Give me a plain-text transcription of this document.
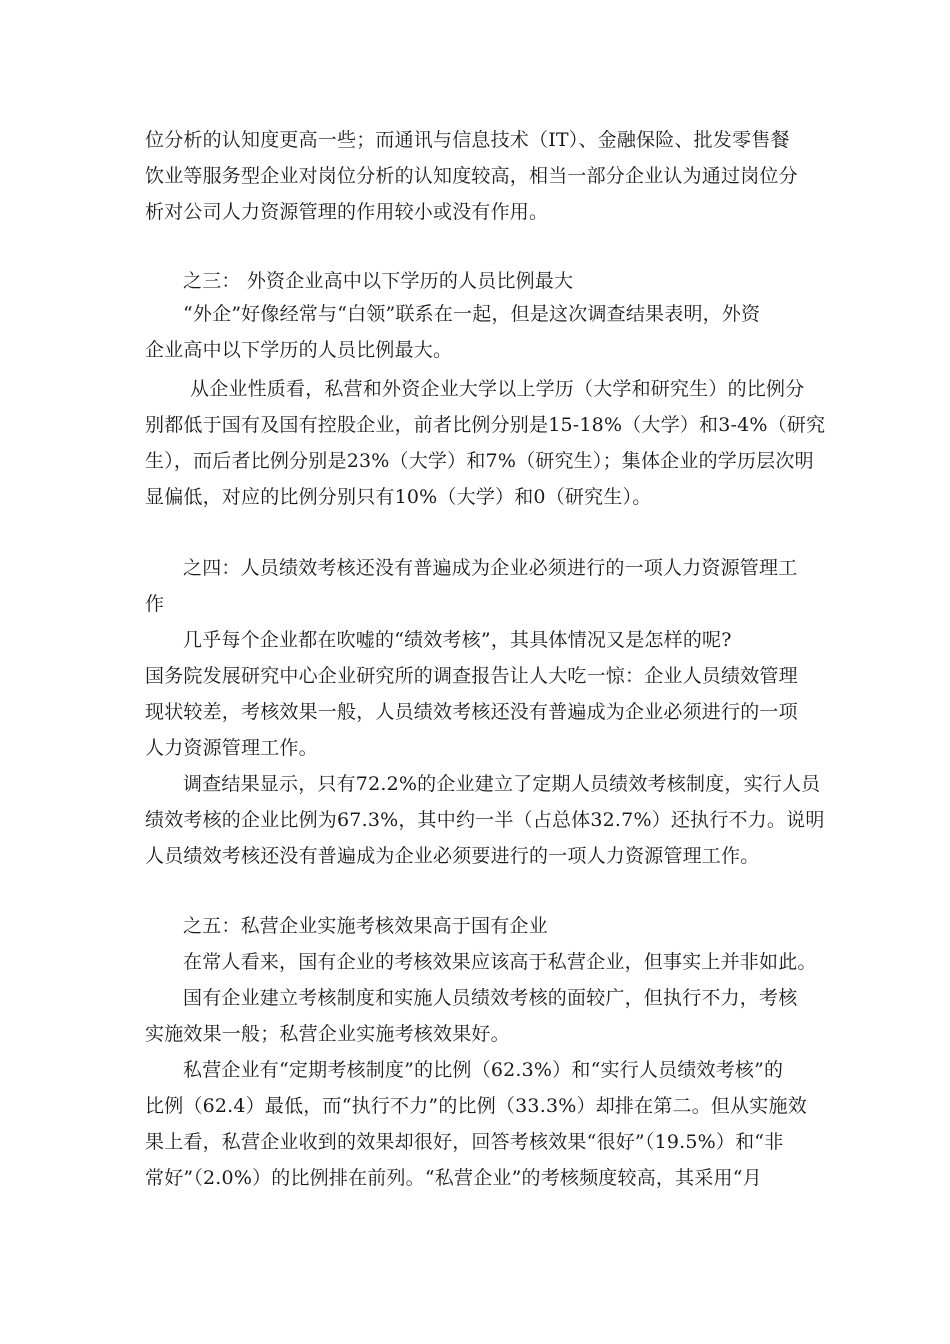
位分析的认知度更高一些；而通讯与信息技术（IT）、金融保险、批发零售餐
饮业等服务型企业对岗位分析的认知度较高，相当一部分企业认为通过岗位分
析对公司人力资源管理的作用较小或没有作用。
之三： 外资企业高中以下学历的人员比例最大
“外企”好像经常与“白领”联系在一起，但是这次调查结果表明，外资
企业高中以下学历的人员比例最大。
从企业性质看，私营和外资企业大学以上学历（大学和研究生）的比例分
别都低于国有及国有控股企业，前者比例分别是15-18%（大学）和3-4%（研究
生），而后者比例分别是23%（大学）和7%（研究生）；集体企业的学历层次明
显偏低，对应的比例分别只有10%（大学）和0（研究生）。
之四：人员绩效考核还没有普遍成为企业必须进行的一项人力资源管理工
作
几乎每个企业都在吹嘘的“绩效考核”，其具体情况又是怎样的呢?
国务院发展研究中心企业研究所的调查报告让人大吃一惊：企业人员绩效管理
现状较差，考核效果一般，人员绩效考核还没有普遍成为企业必须进行的一项
人力资源管理工作。
调查结果显示，只有72.2%的企业建立了定期人员绩效考核制度，实行人员
绩效考核的企业比例为67.3%，其中约一半（占总体32.7%）还执行不力。说明
人员绩效考核还没有普遍成为企业必须要进行的一项人力资源管理工作。
之五：私营企业实施考核效果高于国有企业
在常人看来，国有企业的考核效果应该高于私营企业，但事实上并非如此。
国有企业建立考核制度和实施人员绩效考核的面较广，但执行不力，考核
实施效果一般；私营企业实施考核效果好。
私营企业有“定期考核制度”的比例（62.3%）和“实行人员绩效考核”的
比例（62.4）最低，而“执行不力”的比例（33.3%）却排在第二。但从实施效
果上看，私营企业收到的效果却很好，回答考核效果“很好”（19.5%）和“非
常好”（2.0%）的比例排在前列。“私营企业”的考核频度较高，其采用“月
